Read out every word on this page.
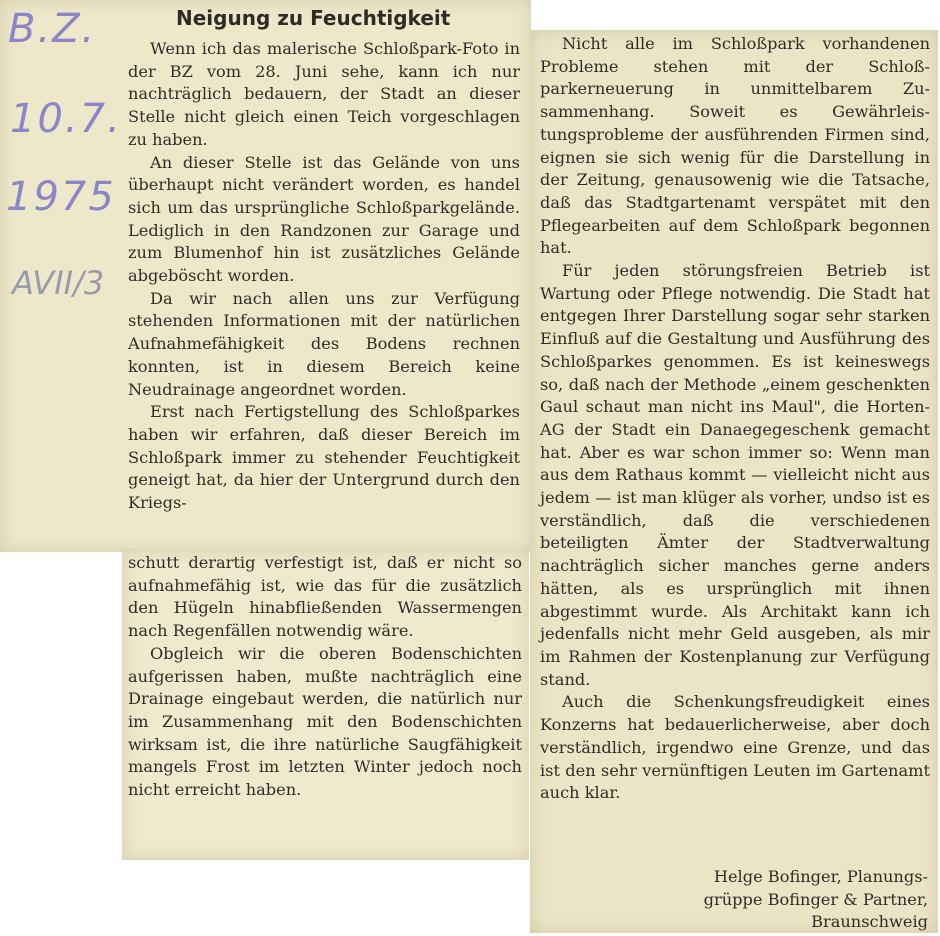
B.Z.
10.7.
1975
AVII/3
Neigung zu Feuchtigkeit

Wenn ich das malerische Schloßpark-Foto in der BZ vom 28. Juni sehe, kann ich nur nachträglich bedauern, der Stadt an dieser Stelle nicht gleich einen Teich vorgeschlagen zu haben.

An dieser Stelle ist das Gelände von uns überhaupt nicht verändert worden, es handel sich um das ursprüngliche Schloßparkgelände. Lediglich in den Randzonen zur Garage und zum Blumenhof hin ist zusätzliches Gelände abgeböscht worden.

Da wir nach allen uns zur Verfügung stehenden Informationen mit der natürlichen Aufnahmefähigkeit des Bodens rechnen konnten, ist in diesem Bereich keine Neudrainage angeordnet worden.

Erst nach Fertigstellung des Schloßparkes haben wir erfahren, daß dieser Bereich im Schloßpark immer zu stehender Feuchtigkeit geneigt hat, da hier der Untergrund durch den Kriegs-

schutt derartig verfestigt ist, daß er nicht so aufnahmefähig ist, wie das für die zusätzlich den Hügeln hinabfließenden Wassermengen nach Regenfällen notwendig wäre.

Obgleich wir die oberen Bodenschichten aufgerissen haben, mußte nachträglich eine Drainage eingebaut werden, die natürlich nur im Zusammenhang mit den Bodenschichten wirksam ist, die ihre natürliche Saugfähigkeit mangels Frost im letzten Winter jedoch noch nicht erreicht haben.

Nicht alle im Schloßpark vorhandenen Probleme stehen mit der Schloßparkerneuerung in unmittelbarem Zusammenhang. Soweit es Gewährleistungsprobleme der ausführenden Firmen sind, eignen sie sich wenig für die Darstellung in der Zeitung, genausowenig wie die Tatsache, daß das Stadtgartenamt verspätet mit den Pflegearbeiten auf dem Schloßpark begonnen hat.

Für jeden störungsfreien Betrieb ist Wartung oder Pflege notwendig. Die Stadt hat entgegen Ihrer Darstellung sogar sehr starken Einfluß auf die Gestaltung und Ausführung des Schloßparkes genommen. Es ist keineswegs so, daß nach der Methode „einem geschenkten Gaul schaut man nicht ins Maul", die Horten-AG der Stadt ein Danaegegeschenk gemacht hat. Aber es war schon immer so: Wenn man aus dem Rathaus kommt — vielleicht nicht aus jedem — ist man klüger als vorher, undso ist es verständlich, daß die verschiedenen beteiligten Ämter der Stadtverwaltung nachträglich sicher manches gerne anders hätten, als es ursprünglich mit ihnen abgestimmt wurde. Als Architakt kann ich jedenfalls nicht mehr Geld ausgeben, als mir im Rahmen der Kostenplanung zur Verfügung stand.

Auch die Schenkungsfreudigkeit eines Konzerns hat bedauerlicherweise, aber doch verständlich, irgendwo eine Grenze, und das ist den sehr vernünftigen Leuten im Gartenamt auch klar.

Helge Bofinger, Planungs-
grüppe Bofinger & Partner,
Braunschweig
